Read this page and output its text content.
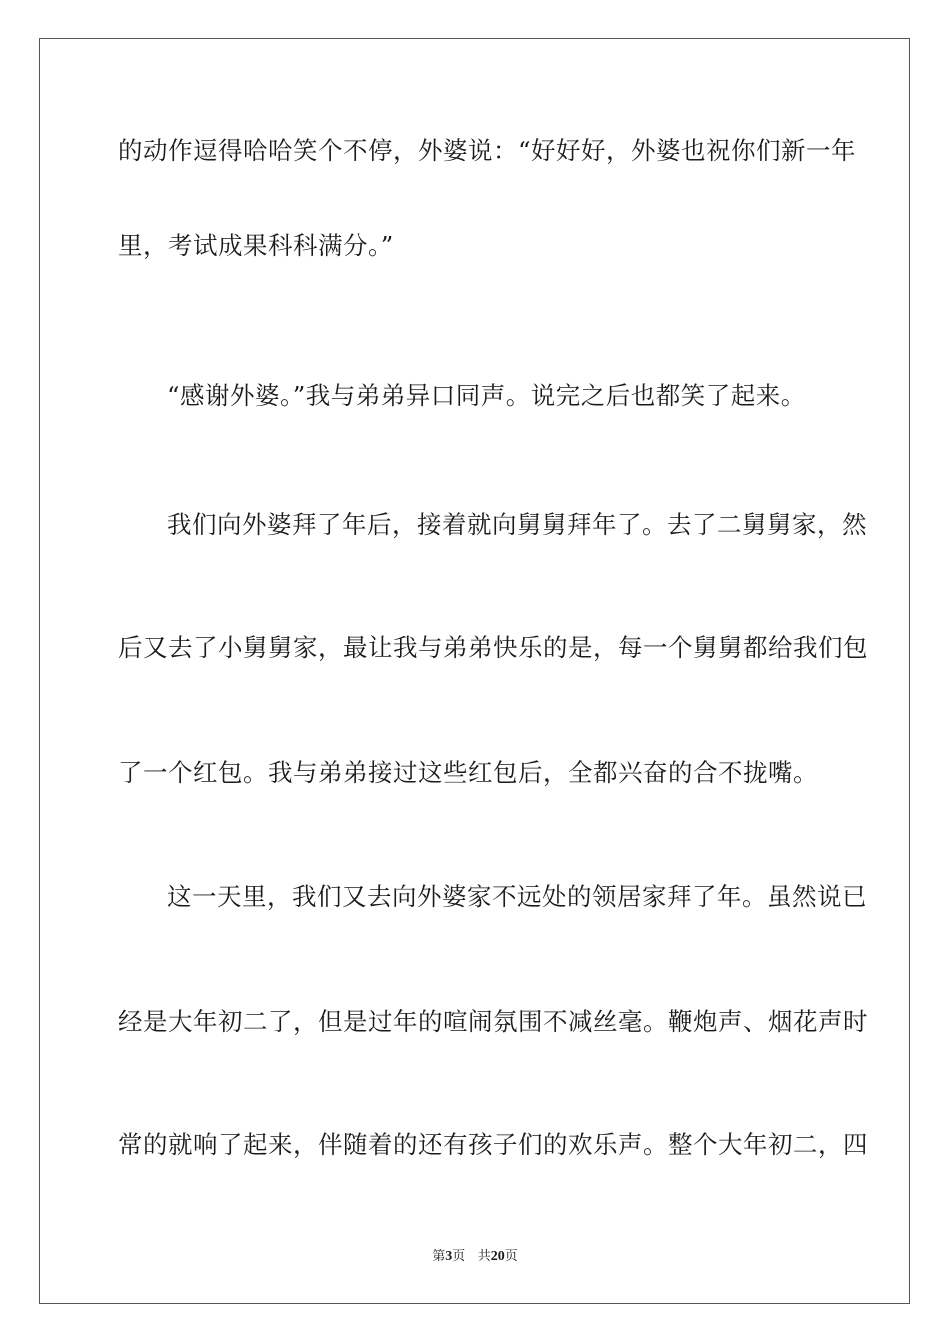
的动作逗得哈哈笑个不停，外婆说：“好好好，外婆也祝你们新一年
里，考试成果科科满分。”
“感谢外婆。”我与弟弟异口同声。说完之后也都笑了起来。
我们向外婆拜了年后，接着就向舅舅拜年了。去了二舅舅家，然
后又去了小舅舅家，最让我与弟弟快乐的是，每一个舅舅都给我们包
了一个红包。我与弟弟接过这些红包后，全都兴奋的合不拢嘴。
这一天里，我们又去向外婆家不远处的领居家拜了年。虽然说已
经是大年初二了，但是过年的喧闹氛围不减丝毫。鞭炮声、烟花声时
常的就响了起来，伴随着的还有孩子们的欢乐声。整个大年初二，四
第3页 共20页
